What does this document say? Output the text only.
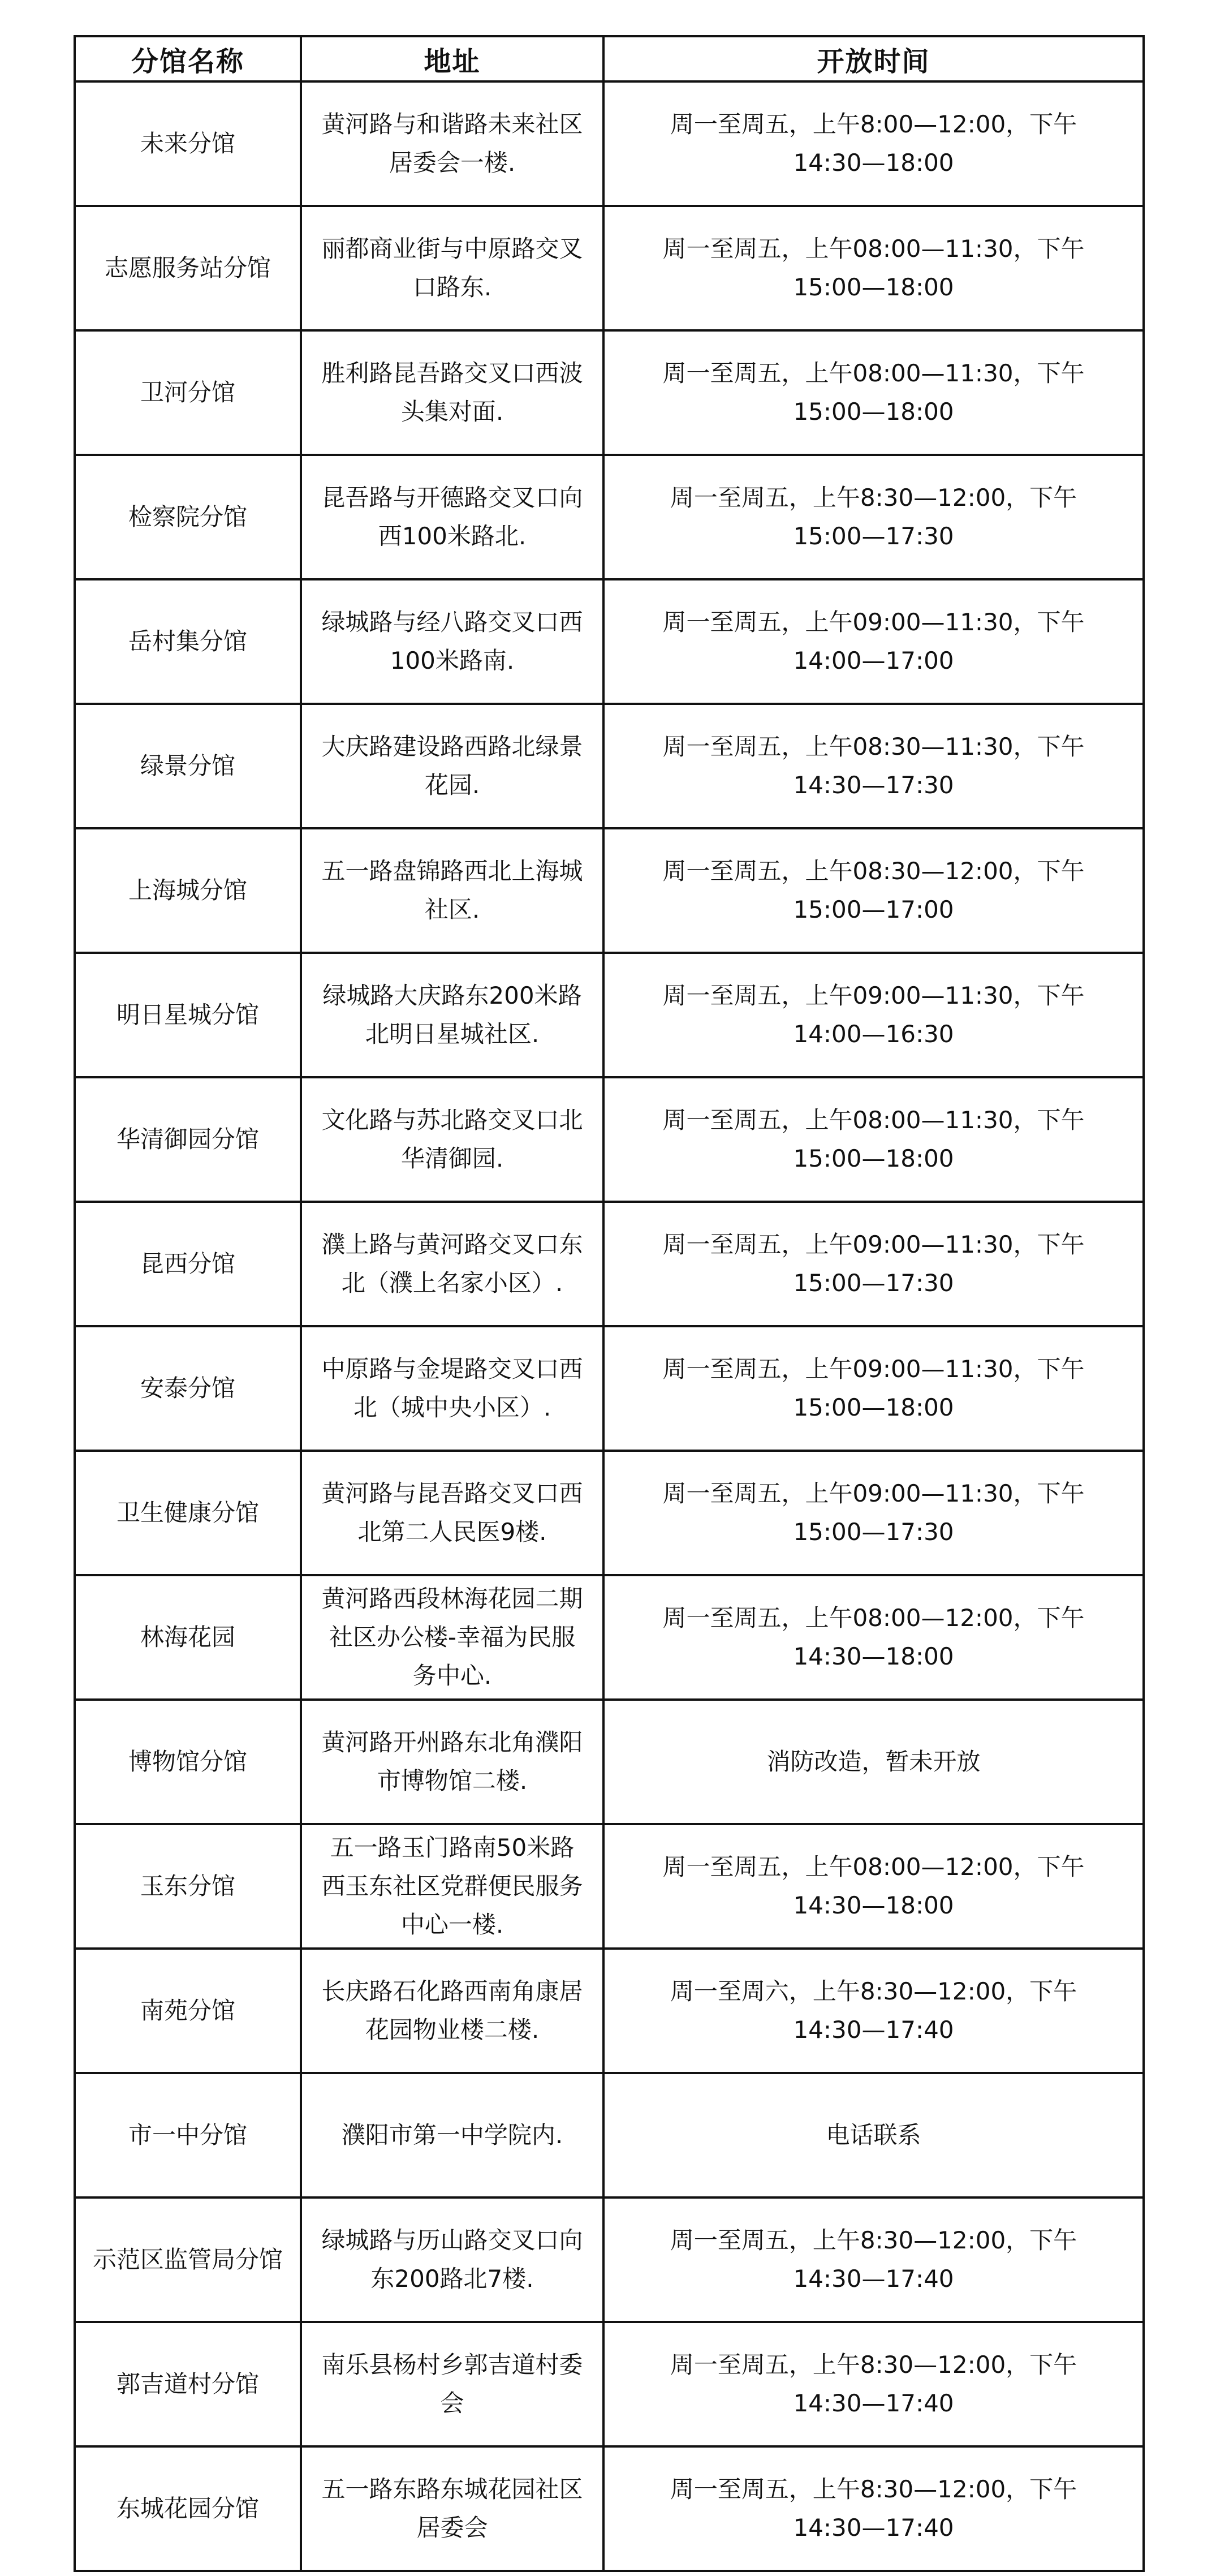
分馆名称	地址	开放时间
未来分馆	黄河路与和谐路未来社区居委会一楼.	周一至周五，上午8:00—12:00，下午14:30—18:00
志愿服务站分馆	丽都商业街与中原路交叉口路东.	周一至周五，上午08:00—11:30，下午15:00—18:00
卫河分馆	胜利路昆吾路交叉口西波头集对面.	周一至周五，上午08:00—11:30，下午15:00—18:00
检察院分馆	昆吾路与开德路交叉口向西100米路北.	周一至周五，上午8:30—12:00，下午15:00—17:30
岳村集分馆	绿城路与经八路交叉口西100米路南.	周一至周五，上午09:00—11:30，下午14:00—17:00
绿景分馆	大庆路建设路西路北绿景花园.	周一至周五，上午08:30—11:30，下午14:30—17:30
上海城分馆	五一路盘锦路西北上海城社区.	周一至周五，上午08:30—12:00，下午15:00—17:00
明日星城分馆	绿城路大庆路东200米路北明日星城社区.	周一至周五，上午09:00—11:30，下午14:00—16:30
华清御园分馆	文化路与苏北路交叉口北华清御园.	周一至周五，上午08:00—11:30，下午15:00—18:00
昆西分馆	濮上路与黄河路交叉口东北（濮上名家小区）.	周一至周五，上午09:00—11:30，下午15:00—17:30
安泰分馆	中原路与金堤路交叉口西北（城中央小区）.	周一至周五，上午09:00—11:30，下午15:00—18:00
卫生健康分馆	黄河路与昆吾路交叉口西北第二人民医9楼.	周一至周五，上午09:00—11:30，下午15:00—17:30
林海花园	黄河路西段林海花园二期社区办公楼-幸福为民服务中心.	周一至周五，上午08:00—12:00，下午14:30—18:00
博物馆分馆	黄河路开州路东北角濮阳市博物馆二楼.	消防改造，暂未开放
玉东分馆	五一路玉门路南50米路西玉东社区党群便民服务中心一楼.	周一至周五，上午08:00—12:00，下午14:30—18:00
南苑分馆	长庆路石化路西南角康居花园物业楼二楼.	周一至周六，上午8:30—12:00，下午14:30—17:40
市一中分馆	濮阳市第一中学院内.	电话联系
示范区监管局分馆	绿城路与历山路交叉口向东200路北7楼.	周一至周五，上午8:30—12:00，下午14:30—17:40
郭吉道村分馆	南乐县杨村乡郭吉道村委会	周一至周五，上午8:30—12:00，下午14:30—17:40
东城花园分馆	五一路东路东城花园社区居委会	周一至周五，上午8:30—12:00，下午14:30—17:40
